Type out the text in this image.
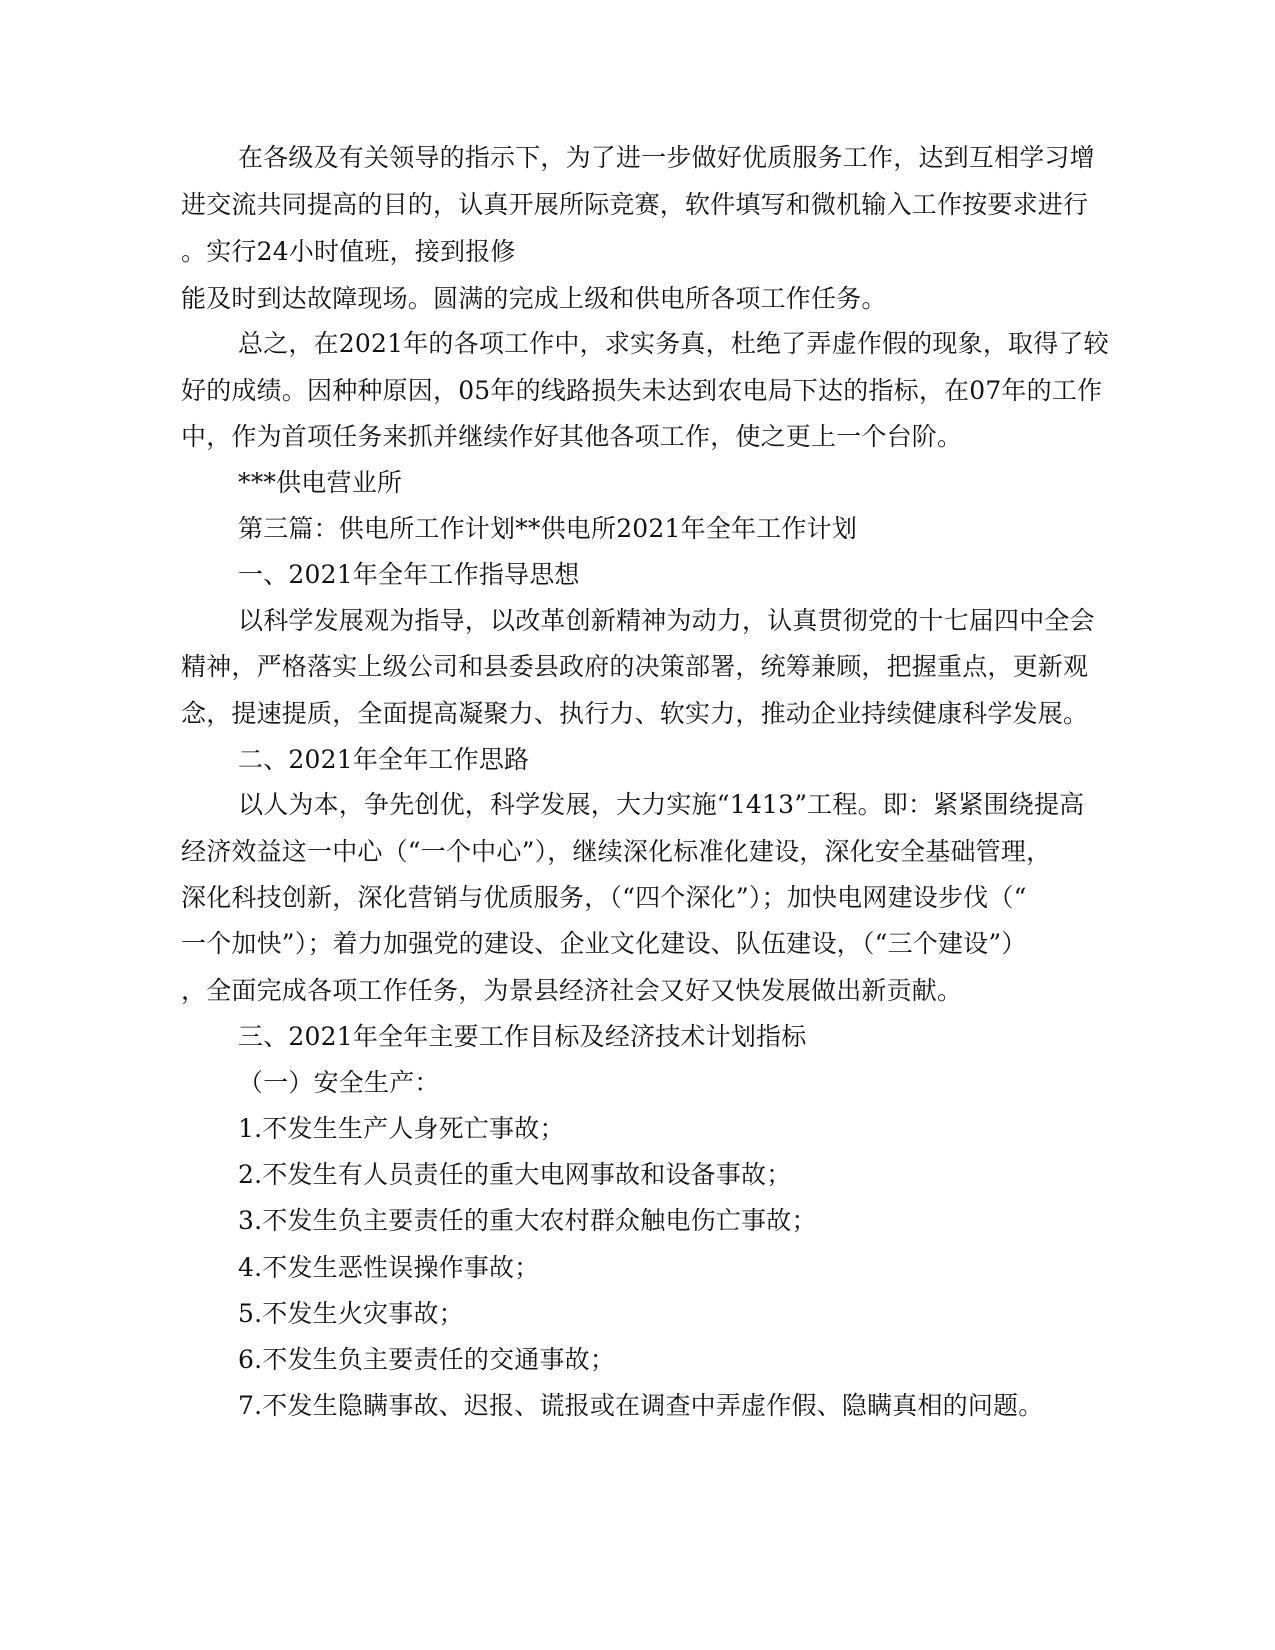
在各级及有关领导的指示下，为了进一步做好优质服务工作，达到互相学习增
进交流共同提高的目的，认真开展所际竞赛，软件填写和微机输入工作按要求进行
。实行24小时值班，接到报修
能及时到达故障现场。圆满的完成上级和供电所各项工作任务。
总之，在2021年的各项工作中，求实务真，杜绝了弄虚作假的现象，取得了较
好的成绩。因种种原因，05年的线路损失未达到农电局下达的指标，在07年的工作
中，作为首项任务来抓并继续作好其他各项工作，使之更上一个台阶。
***供电营业所
第三篇：供电所工作计划**供电所2021年全年工作计划
一、2021年全年工作指导思想
以科学发展观为指导，以改革创新精神为动力，认真贯彻党的十七届四中全会
精神，严格落实上级公司和县委县政府的决策部署，统筹兼顾，把握重点，更新观
念，提速提质，全面提高凝聚力、执行力、软实力，推动企业持续健康科学发展。
二、2021年全年工作思路
以人为本，争先创优，科学发展，大力实施“1413”工程。即：紧紧围绕提高
经济效益这一中心（“一个中心”），继续深化标准化建设，深化安全基础管理，
深化科技创新，深化营销与优质服务，（“四个深化”）；加快电网建设步伐（“
一个加快”）；着力加强党的建设、企业文化建设、队伍建设，（“三个建设”）
，全面完成各项工作任务，为景县经济社会又好又快发展做出新贡献。
三、2021年全年主要工作目标及经济技术计划指标
（一）安全生产：
1.不发生生产人身死亡事故；
2.不发生有人员责任的重大电网事故和设备事故；
3.不发生负主要责任的重大农村群众触电伤亡事故；
4.不发生恶性误操作事故；
5.不发生火灾事故；
6.不发生负主要责任的交通事故；
7.不发生隐瞒事故、迟报、谎报或在调查中弄虚作假、隐瞒真相的问题。
